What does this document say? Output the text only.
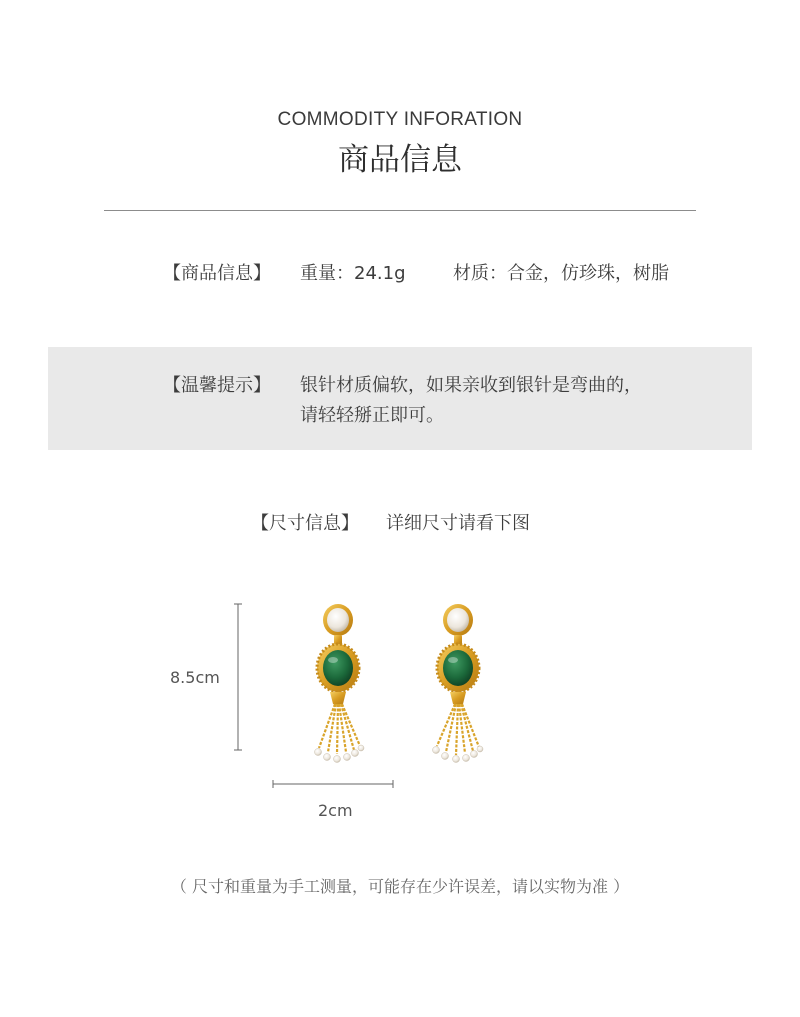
COMMODITY INFORATION
商品信息
【商品信息】 重量：24.1g	材质：合金，仿珍珠，树脂
【温馨提示】 银针材质偏软，如果亲收到银针是弯曲的，
请轻轻掰正即可。
【尺寸信息】 详细尺寸请看下图
8.5cm
2cm
（ 尺寸和重量为手工测量，可能存在少许误差，请以实物为准 ）
